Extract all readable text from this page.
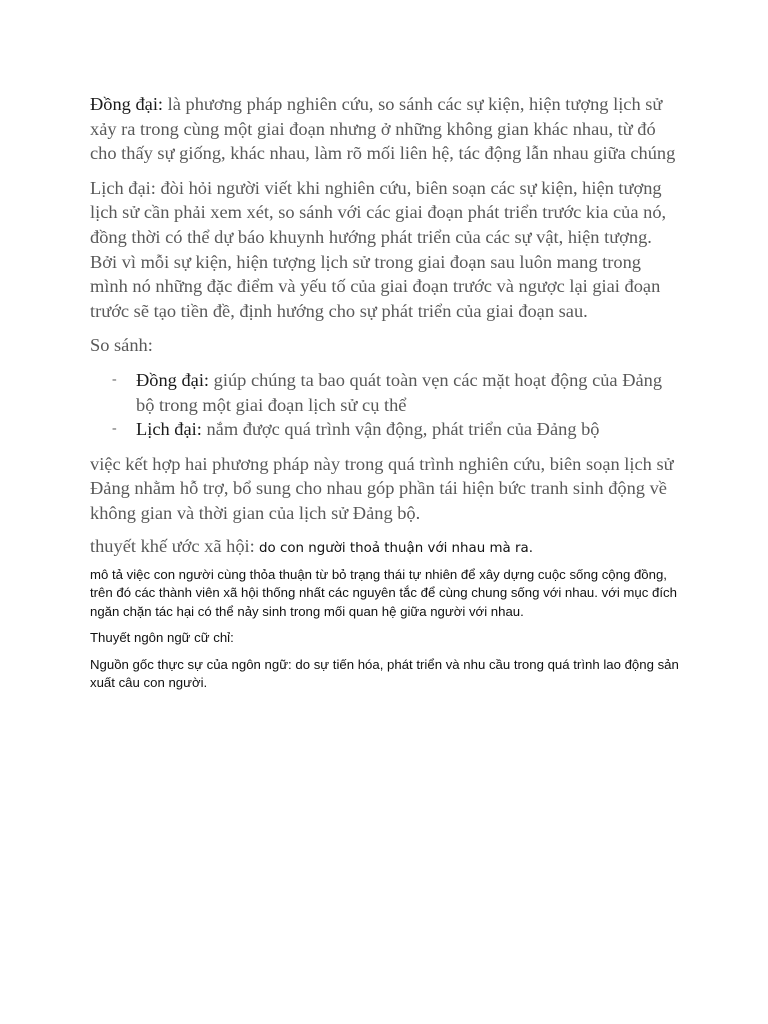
Đồng đại: là phương pháp nghiên cứu, so sánh các sự kiện, hiện tượng lịch sử xảy ra trong cùng một giai đoạn nhưng ở những không gian khác nhau, từ đó cho thấy sự giống, khác nhau, làm rõ mối liên hệ, tác động lẫn nhau giữa chúng

Lịch đại: đòi hỏi người viết khi nghiên cứu, biên soạn các sự kiện, hiện tượng lịch sử cần phải xem xét, so sánh với các giai đoạn phát triển trước kia của nó, đồng thời có thể dự báo khuynh hướng phát triển của các sự vật, hiện tượng. Bởi vì mỗi sự kiện, hiện tượng lịch sử trong giai đoạn sau luôn mang trong mình nó những đặc điểm và yếu tố của giai đoạn trước và ngược lại giai đoạn trước sẽ tạo tiền đề, định hướng cho sự phát triển của giai đoạn sau.

So sánh:

- Đồng đại: giúp chúng ta bao quát toàn vẹn các mặt hoạt động của Đảng bộ trong một giai đoạn lịch sử cụ thể
- Lịch đại: nắm được quá trình vận động, phát triển của Đảng bộ

việc kết hợp hai phương pháp này trong quá trình nghiên cứu, biên soạn lịch sử Đảng nhằm hỗ trợ, bổ sung cho nhau góp phần tái hiện bức tranh sinh động về không gian và thời gian của lịch sử Đảng bộ.

thuyết khế ước xã hội: do con người thoả thuận với nhau mà ra.

mô tả việc con người cùng thỏa thuận từ bỏ trạng thái tự nhiên để xây dựng cuộc sống cộng đồng, trên đó các thành viên xã hội thống nhất các nguyên tắc để cùng chung sống với nhau. với mục đích ngăn chặn tác hại có thể nảy sinh trong mối quan hệ giữa người với nhau.

Thuyết ngôn ngữ cữ chỉ:

Nguồn gốc thực sự của ngôn ngữ: do sự tiến hóa, phát triển và nhu cầu trong quá trình lao động sản xuất câu con người.
